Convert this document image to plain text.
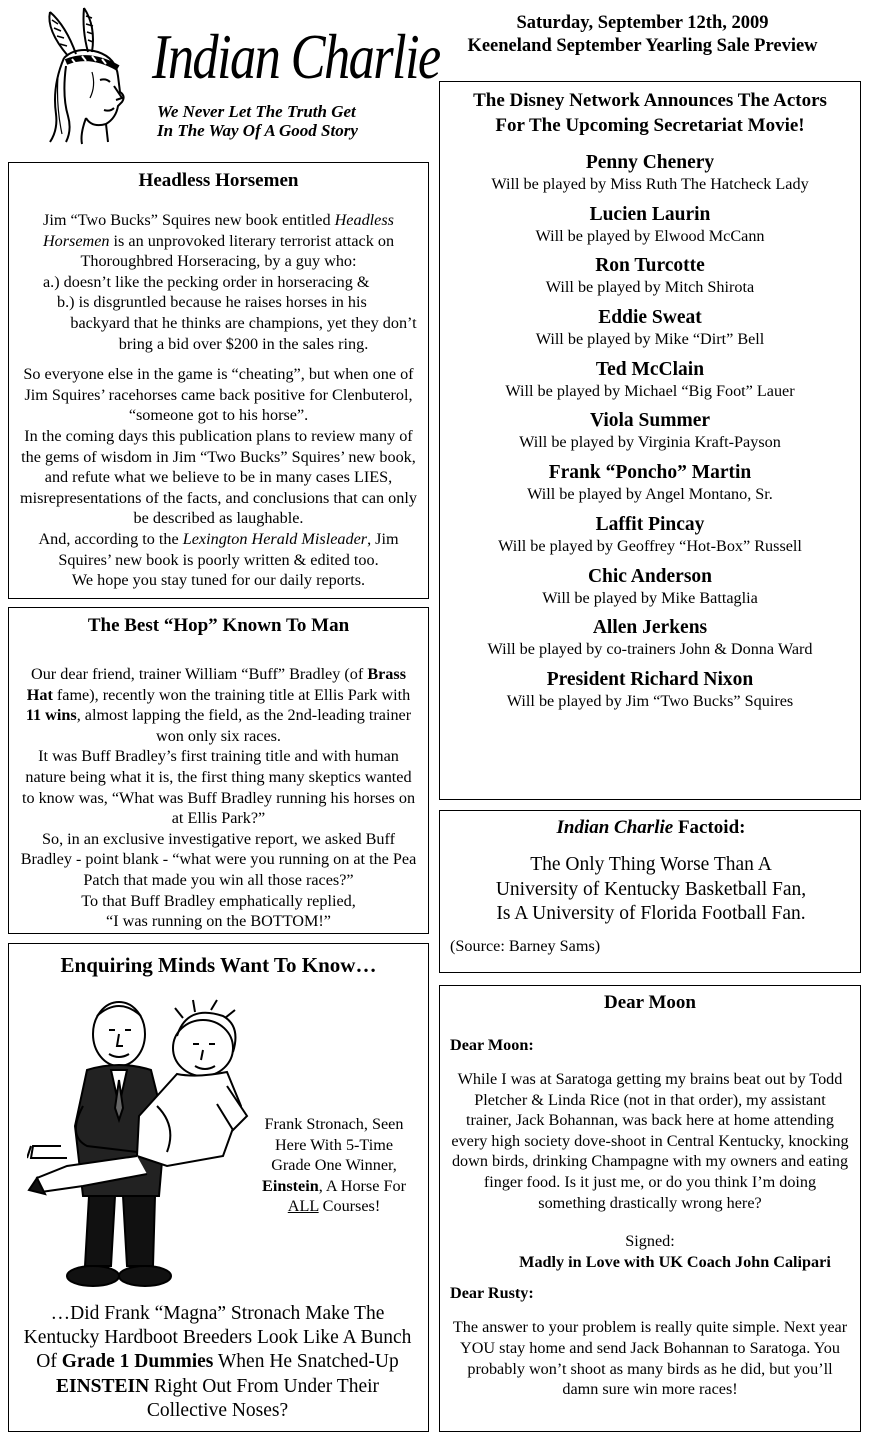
Indian Charlie
We Never Let The Truth Get
In The Way Of A Good Story
Saturday, September 12th, 2009
Keeneland September Yearling Sale Preview
Headless Horsemen

Jim “Two Bucks” Squires new book entitled Headless Horsemen is an unprovoked literary terrorist attack on Thoroughbred Horseracing, by a guy who:

a.) doesn’t like the pecking order in horseracing &
b.) is disgruntled because he raises horses in his
backyard that he thinks are champions, yet they don’t bring a bid over $200 in the sales ring.

So everyone else in the game is “cheating”, but when one of Jim Squires’ racehorses came back positive for Clenbuterol, “someone got to his horse”.

In the coming days this publication plans to review many of the gems of wisdom in Jim “Two Bucks” Squires’ new book, and refute what we believe to be in many cases LIES, misrepresentations of the facts, and conclusions that can only be described as laughable.

And, according to the Lexington Herald Misleader, Jim Squires’ new book is poorly written & edited too.

We hope you stay tuned for our daily reports.

The Best “Hop” Known To Man

Our dear friend, trainer William “Buff” Bradley (of Brass Hat fame), recently won the training title at Ellis Park with 11 wins, almost lapping the field, as the 2nd-leading trainer won only six races.

It was Buff Bradley’s first training title and with human nature being what it is, the first thing many skeptics wanted to know was, “What was Buff Bradley running his horses on at Ellis Park?”

So, in an exclusive investigative report, we asked Buff Bradley - point blank - “what were you running on at the Pea Patch that made you win all those races?”

To that Buff Bradley emphatically replied,

“I was running on the BOTTOM!”

Enquiring Minds Want To Know…
Frank Stronach, Seen Here With 5-Time Grade One Winner, Einstein, A Horse For ALL Courses!
…Did Frank “Magna” Stronach Make The Kentucky Hardboot Breeders Look Like A Bunch Of Grade 1 Dummies When He Snatched-Up EINSTEIN Right Out From Under Their Collective Noses?
The Disney Network Announces The Actors
For The Upcoming Secretariat Movie!
Penny Chenery
Will be played by Miss Ruth The Hatcheck Lady
Lucien Laurin
Will be played by Elwood McCann
Ron Turcotte
Will be played by Mitch Shirota
Eddie Sweat
Will be played by Mike “Dirt” Bell
Ted McClain
Will be played by Michael “Big Foot” Lauer
Viola Summer
Will be played by Virginia Kraft-Payson
Frank “Poncho” Martin
Will be played by Angel Montano, Sr.
Laffit Pincay
Will be played by Geoffrey “Hot-Box” Russell
Chic Anderson
Will be played by Mike Battaglia
Allen Jerkens
Will be played by co-trainers John & Donna Ward
President Richard Nixon
Will be played by Jim “Two Bucks” Squires
Indian Charlie Factoid:
The Only Thing Worse Than A
University of Kentucky Basketball Fan,
Is A University of Florida Football Fan.
(Source: Barney Sams)
Dear Moon
Dear Moon:
While I was at Saratoga getting my brains beat out by Todd Pletcher & Linda Rice (not in that order), my assistant trainer, Jack Bohannan, was back here at home attending every high society dove-shoot in Central Kentucky, knocking down birds, drinking Champagne with my owners and eating finger food. Is it just me, or do you think I’m doing something drastically wrong here?
Signed:
Madly in Love with UK Coach John Calipari
Dear Rusty:
The answer to your problem is really quite simple. Next year YOU stay home and send Jack Bohannan to Saratoga. You probably won’t shoot as many birds as he did, but you’ll damn sure win more races!
